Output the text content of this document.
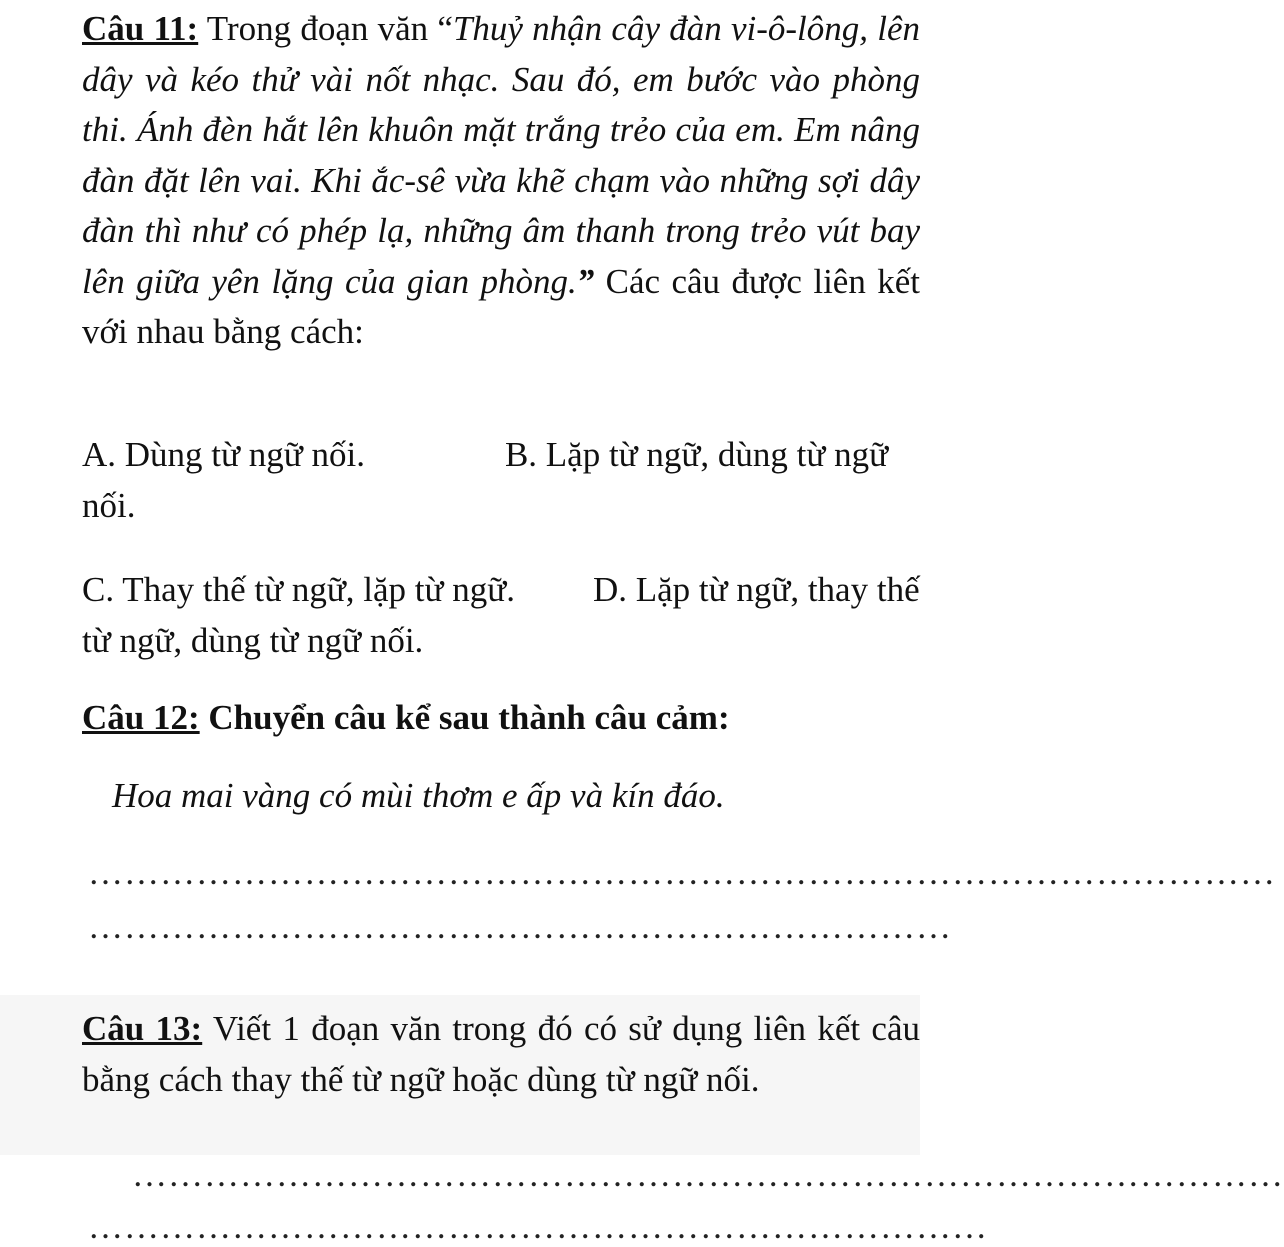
Câu 11: Trong đoạn văn “Thuỷ nhận cây đàn vi-ô-lông, lên dây và kéo thử vài nốt nhạc. Sau đó, em bước vào phòng thi. Ánh đèn hắt lên khuôn mặt trắng trẻo của em. Em nâng đàn đặt lên vai. Khi ắc-sê vừa khẽ chạm vào những sợi dây đàn thì như có phép lạ, những âm thanh trong trẻo vút bay lên giữa yên lặng của gian phòng.” Các câu được liên kết với nhau bằng cách:
A. Dùng từ ngữ nối.	B. Lặp từ ngữ, dùng từ ngữ nối.
C. Thay thế từ ngữ, lặp từ ngữ. D. Lặp từ ngữ, thay thế từ ngữ, dùng từ ngữ nối.
Câu 12: Chuyển câu kể sau thành câu cảm:
Hoa mai vàng có mùi thơm e ấp và kín đáo.
………………………………………………………………………………………
………………………………………………………………
Câu 13: Viết 1 đoạn văn trong đó có sử dụng liên kết câu bằng cách thay thế từ ngữ hoặc dùng từ ngữ nối.
……………………………………………………………………………………
…………………………………………………………………
